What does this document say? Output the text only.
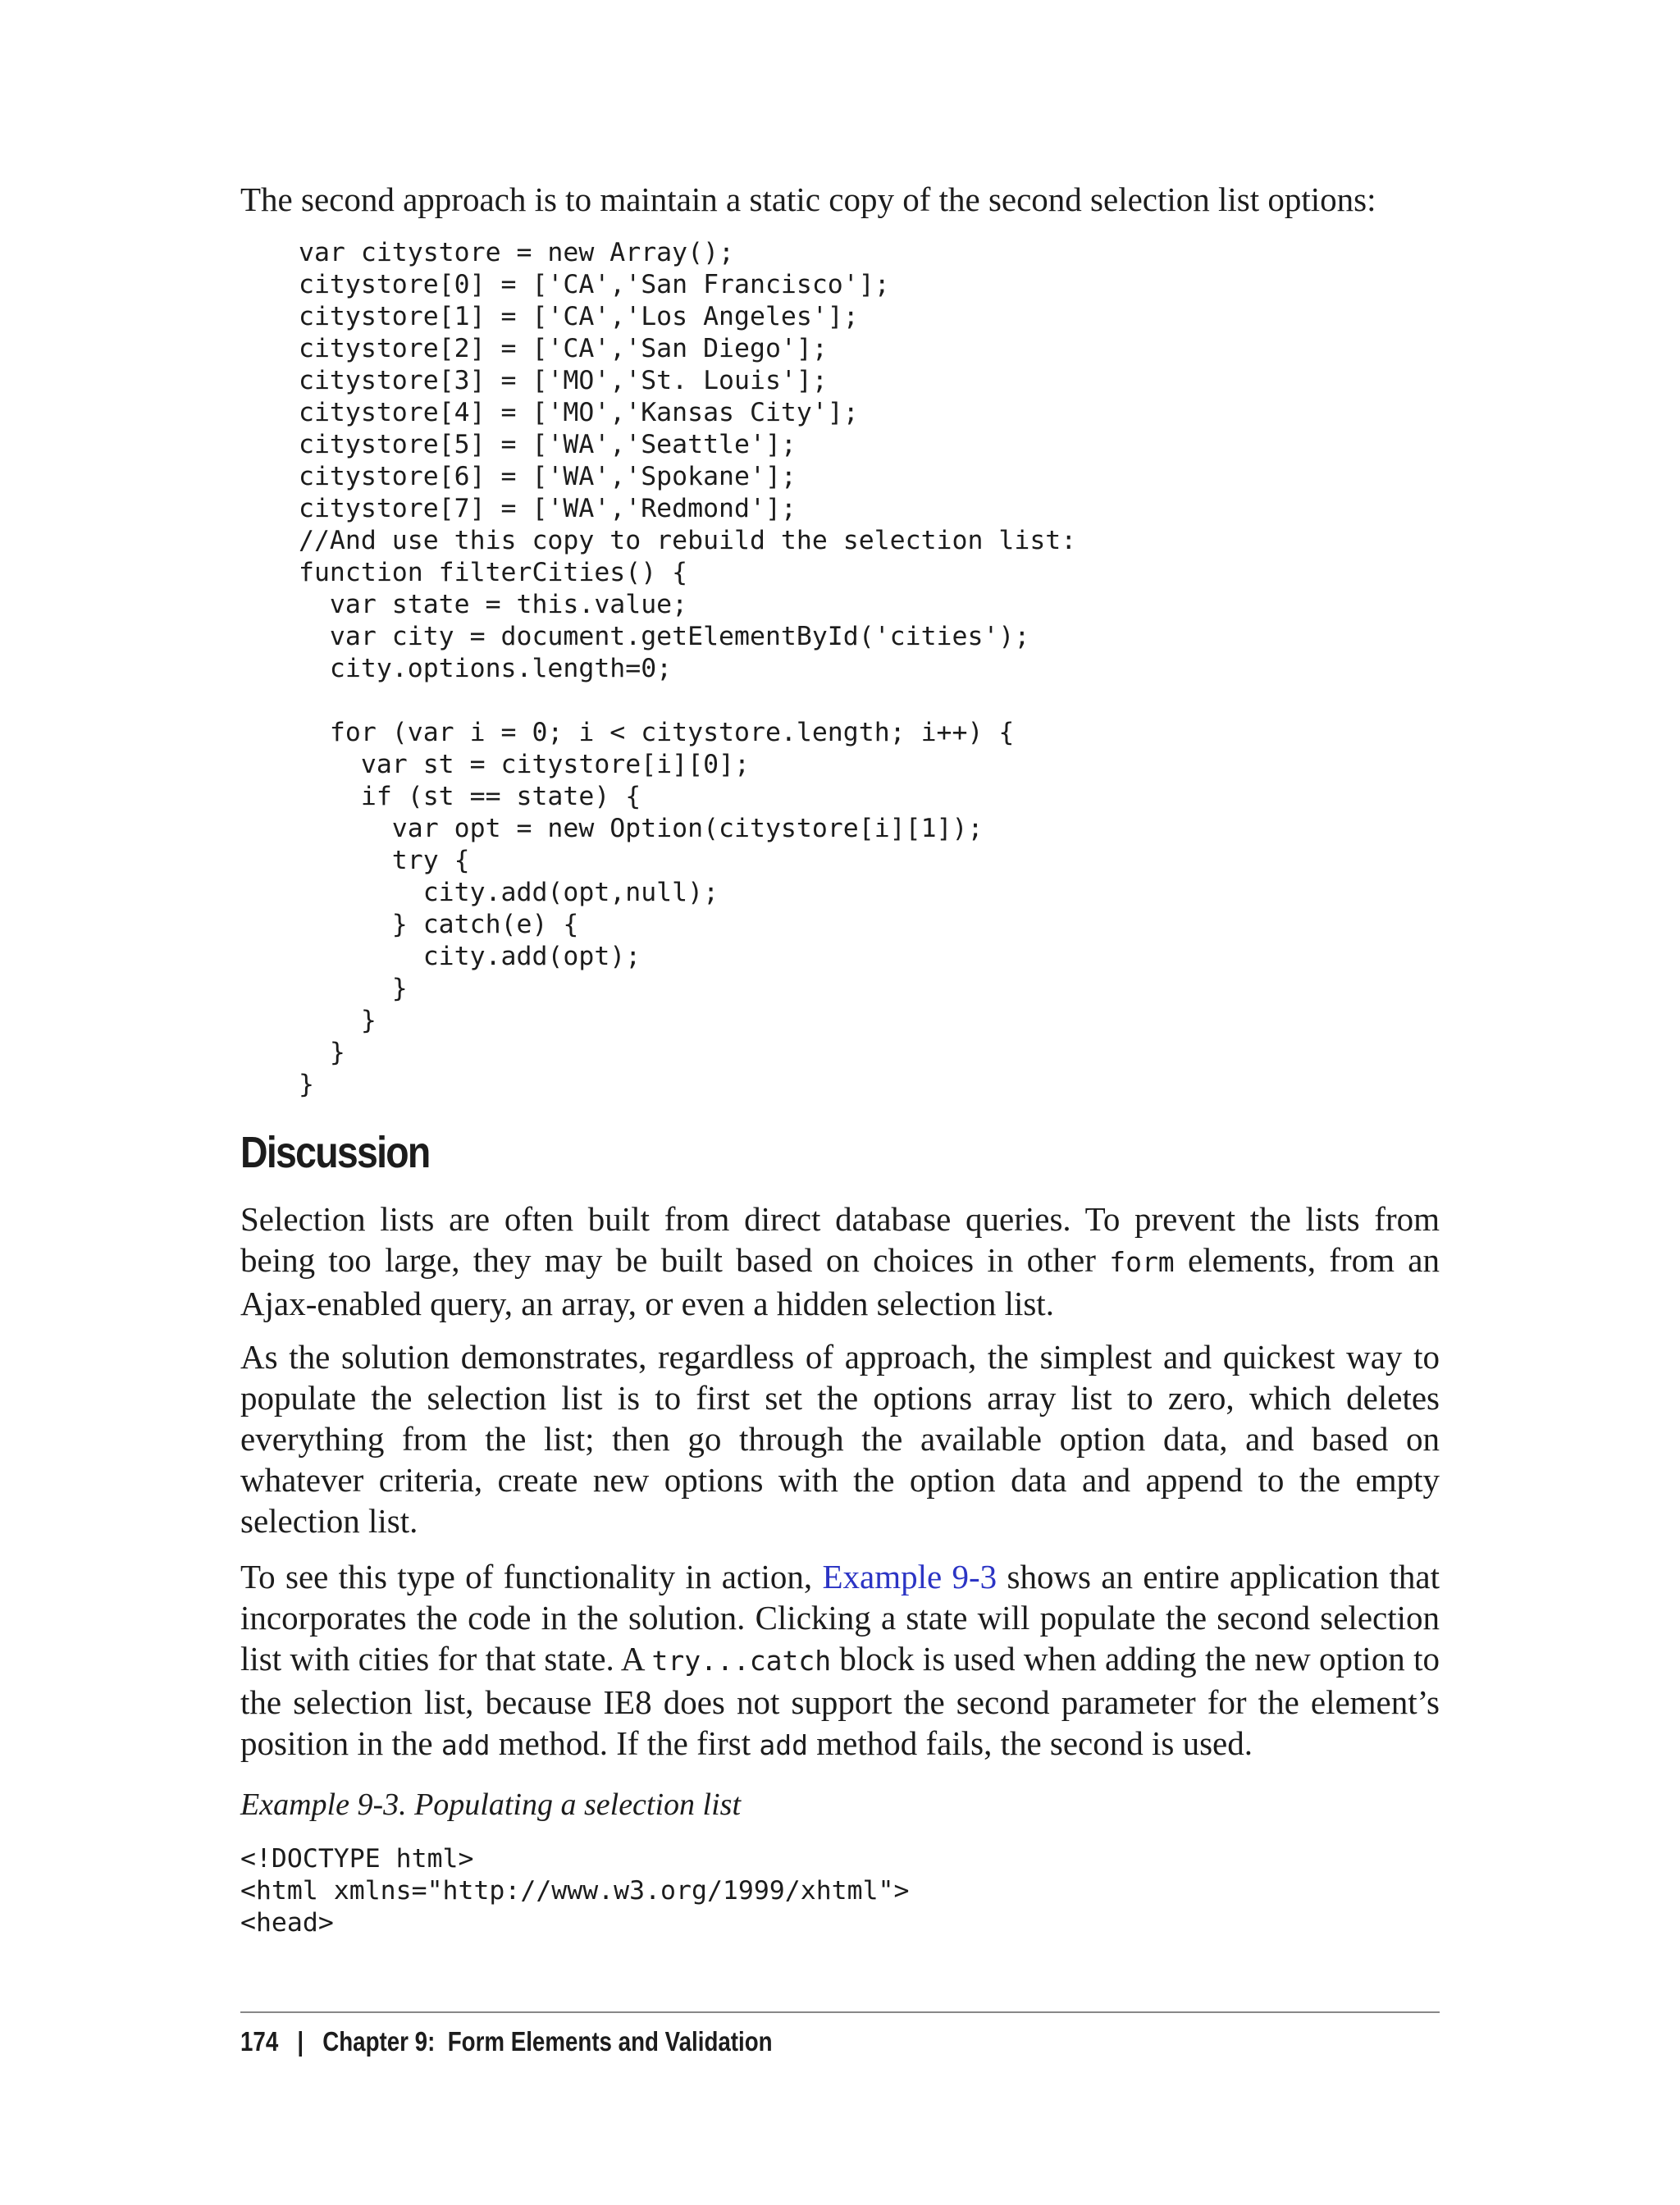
The second approach is to maintain a static copy of the second selection list options:

var citystore = new Array();
citystore[0] = ['CA','San Francisco'];
citystore[1] = ['CA','Los Angeles'];
citystore[2] = ['CA','San Diego'];
citystore[3] = ['MO','St. Louis'];
citystore[4] = ['MO','Kansas City'];
citystore[5] = ['WA','Seattle'];
citystore[6] = ['WA','Spokane'];
citystore[7] = ['WA','Redmond'];
//And use this copy to rebuild the selection list:
function filterCities() {
var state = this.value;
var city = document.getElementById('cities');
city.options.length=0;

for (var i = 0; i < citystore.length; i++) {
var st = citystore[i][0];
if (st == state) {
var opt = new Option(citystore[i][1]);
try {
city.add(opt,null);
} catch(e) {
city.add(opt);
}
}
}
}
Discussion

Selection lists are often built from direct database queries. To prevent the lists from being too large, they may be built based on choices in other form elements, from an Ajax-enabled query, an array, or even a hidden selection list.

As the solution demonstrates, regardless of approach, the simplest and quickest way to populate the selection list is to first set the options array list to zero, which deletes everything from the list; then go through the available option data, and based on whatever criteria, create new options with the option data and append to the empty selection list.

To see this type of functionality in action, Example 9-3 shows an entire application that incorporates the code in the solution. Clicking a state will populate the second selection list with cities for that state. A try...catch block is used when adding the new option to the selection list, because IE8 does not support the second parameter for the element’s position in the add method. If the first add method fails, the second is used.

Example 9-3. Populating a selection list

<!DOCTYPE html>
<html xmlns="http://www.w3.org/1999/xhtml">
<head>

174 | Chapter 9:  Form Elements and Validation
